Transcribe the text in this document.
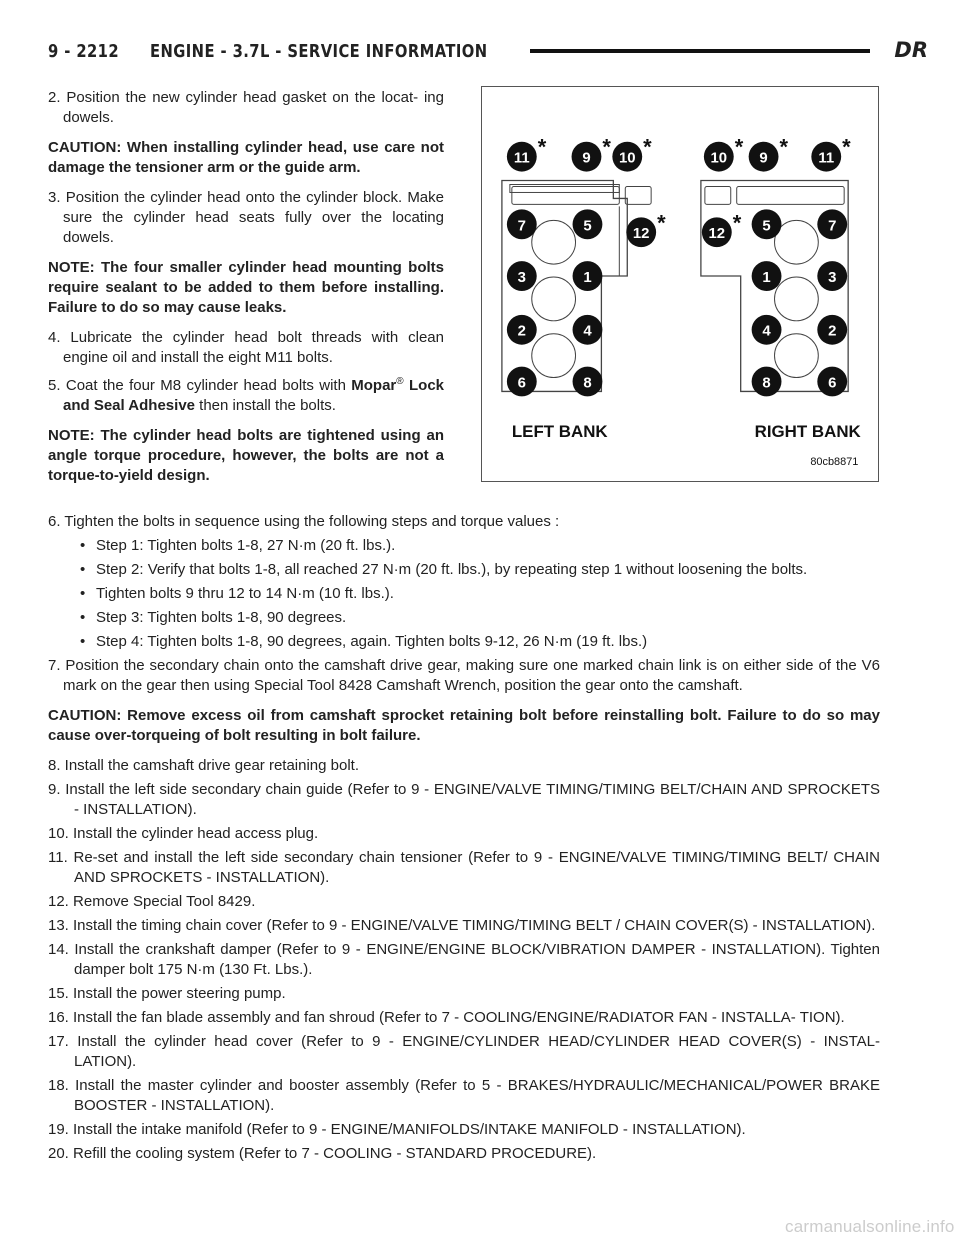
9 - 2212	ENGINE - 3.7L - SERVICE INFORMATION	DR

2. Position the new cylinder head gasket on the locat- ing dowels.

CAUTION: When installing cylinder head, use care not damage the tensioner arm or the guide arm.

3. Position the cylinder head onto the cylinder block. Make sure the cylinder head seats fully over the locating dowels.

NOTE: The four smaller cylinder head mounting bolts require sealant to be added to them before installing. Failure to do so may cause leaks.

4. Lubricate the cylinder head bolt threads with clean engine oil and install the eight M11 bolts.

5. Coat the four M8 cylinder head bolts with Mopar® Lock and Seal Adhesive then install the bolts.

NOTE: The cylinder head bolts are tightened using an angle torque procedure, however, the bolts are not a torque-to-yield design.

11 * 9 * 10 *	10 * 9 * 11 *
12 *	12 *
7	5	5	7
3	1	1	3
2	4	4	2
6	8	8	6
LEFT BANK	RIGHT BANK
80cb8871

6. Tighten the bolts in sequence using the following steps and torque values :

• Step 1: Tighten bolts 1-8, 27 N·m (20 ft. lbs.).
• Step 2: Verify that bolts 1-8, all reached 27 N·m (20 ft. lbs.), by repeating step 1 without loosening the bolts.
• Tighten bolts 9 thru 12 to 14 N·m (10 ft. lbs.).
• Step 3: Tighten bolts 1-8, 90 degrees.
• Step 4: Tighten bolts 1-8, 90 degrees, again. Tighten bolts 9-12, 26 N·m (19 ft. lbs.)

7. Position the secondary chain onto the camshaft drive gear, making sure one marked chain link is on either side of the V6 mark on the gear then using Special Tool 8428 Camshaft Wrench, position the gear onto the camshaft.

CAUTION: Remove excess oil from camshaft sprocket retaining bolt before reinstalling bolt. Failure to do so may cause over-torqueing of bolt resulting in bolt failure.

8. Install the camshaft drive gear retaining bolt.

9. Install the left side secondary chain guide (Refer to 9 - ENGINE/VALVE TIMING/TIMING BELT/CHAIN AND SPROCKETS - INSTALLATION).

10. Install the cylinder head access plug.

11. Re-set and install the left side secondary chain tensioner (Refer to 9 - ENGINE/VALVE TIMING/TIMING BELT/ CHAIN AND SPROCKETS - INSTALLATION).

12. Remove Special Tool 8429.

13. Install the timing chain cover (Refer to 9 - ENGINE/VALVE TIMING/TIMING BELT / CHAIN COVER(S) - INSTALLATION).

14. Install the crankshaft damper (Refer to 9 - ENGINE/ENGINE BLOCK/VIBRATION DAMPER - INSTALLATION). Tighten damper bolt 175 N·m (130 Ft. Lbs.).

15. Install the power steering pump.

16. Install the fan blade assembly and fan shroud (Refer to 7 - COOLING/ENGINE/RADIATOR FAN - INSTALLA- TION).

17. Install the cylinder head cover (Refer to 9 - ENGINE/CYLINDER HEAD/CYLINDER HEAD COVER(S) - INSTAL- LATION).

18. Install the master cylinder and booster assembly (Refer to 5 - BRAKES/HYDRAULIC/MECHANICAL/POWER BRAKE BOOSTER - INSTALLATION).

19. Install the intake manifold (Refer to 9 - ENGINE/MANIFOLDS/INTAKE MANIFOLD - INSTALLATION).

20. Refill the cooling system (Refer to 7 - COOLING - STANDARD PROCEDURE).

carmanualsonline.info
